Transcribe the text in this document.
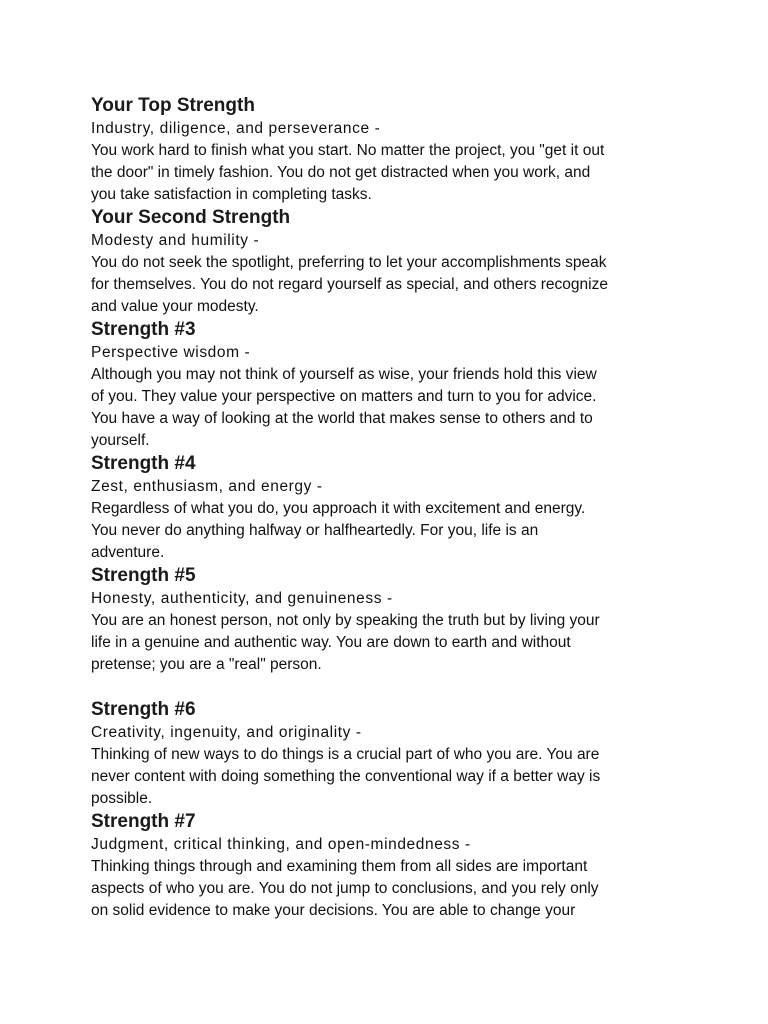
Your Top Strength

Industry, diligence, and perseverance -

You work hard to finish what you start. No matter the project, you "get it out
the door" in timely fashion. You do not get distracted when you work, and
you take satisfaction in completing tasks.

Your Second Strength

Modesty and humility -

You do not seek the spotlight, preferring to let your accomplishments speak
for themselves. You do not regard yourself as special, and others recognize
and value your modesty.

Strength #3

Perspective wisdom -

Although you may not think of yourself as wise, your friends hold this view
of you. They value your perspective on matters and turn to you for advice.
You have a way of looking at the world that makes sense to others and to
yourself.

Strength #4

Zest, enthusiasm, and energy -

Regardless of what you do, you approach it with excitement and energy.
You never do anything halfway or halfheartedly. For you, life is an
adventure.

Strength #5

Honesty, authenticity, and genuineness -

You are an honest person, not only by speaking the truth but by living your
life in a genuine and authentic way. You are down to earth and without
pretense; you are a "real" person.

Strength #6

Creativity, ingenuity, and originality -

Thinking of new ways to do things is a crucial part of who you are. You are
never content with doing something the conventional way if a better way is
possible.

Strength #7

Judgment, critical thinking, and open-mindedness -

Thinking things through and examining them from all sides are important
aspects of who you are. You do not jump to conclusions, and you rely only
on solid evidence to make your decisions. You are able to change your
